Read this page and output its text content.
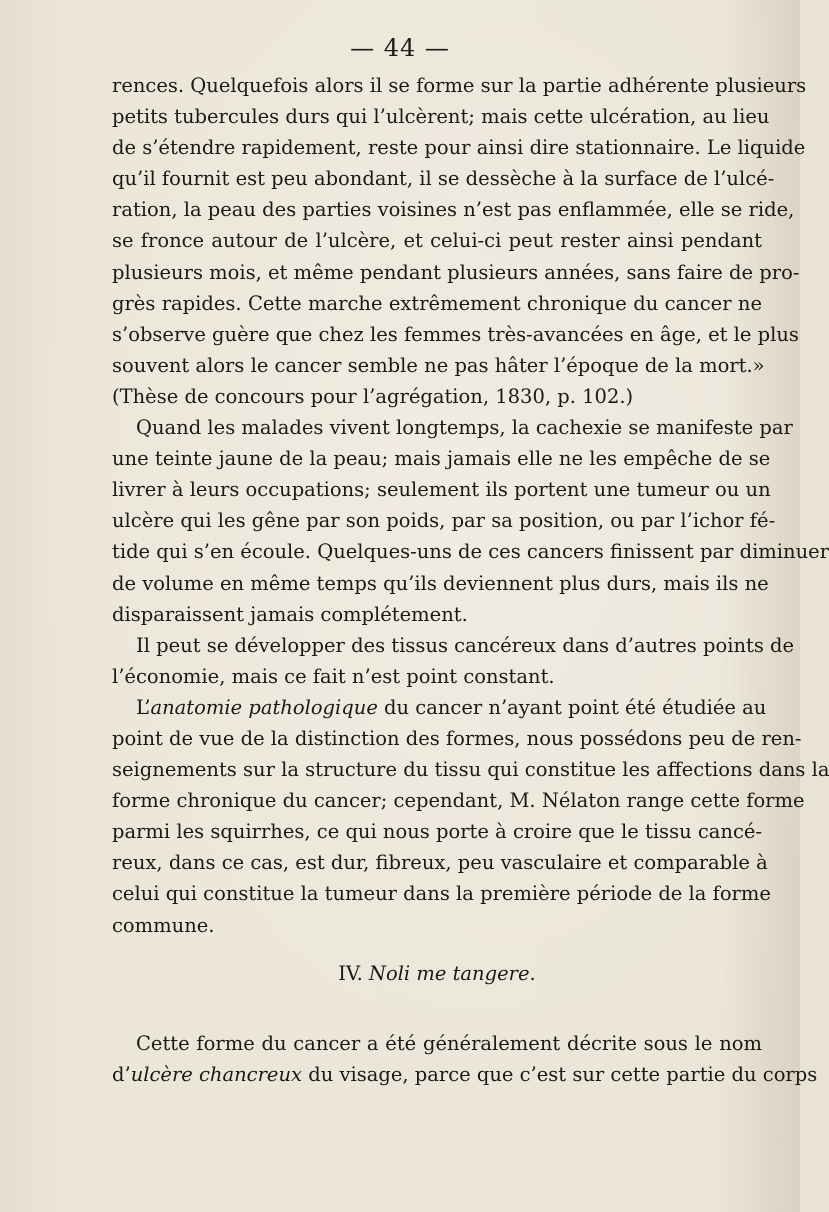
— 44 —
rences. Quelquefois alors il se forme sur la partie adhérente plusieurs
petits tubercules durs qui l’ulcèrent; mais cette ulcération, au lieu
de s’étendre rapidement, reste pour ainsi dire stationnaire. Le liquide
qu’il fournit est peu abondant, il se dessèche à la surface de l’ulcé-
ration, la peau des parties voisines n’est pas enflammée, elle se ride,
se fronce autour de l’ulcère, et celui-ci peut rester ainsi pendant
plusieurs mois, et même pendant plusieurs années, sans faire de pro-
grès rapides. Cette marche extrêmement chronique du cancer ne
s’observe guère que chez les femmes très-avancées en âge, et le plus
souvent alors le cancer semble ne pas hâter l’époque de la mort.»
(Thèse de concours pour l’agrégation, 1830, p. 102.)
Quand les malades vivent longtemps, la cachexie se manifeste par
une teinte jaune de la peau; mais jamais elle ne les empêche de se
livrer à leurs occupations; seulement ils portent une tumeur ou un
ulcère qui les gêne par son poids, par sa position, ou par l’ichor fé-
tide qui s’en écoule. Quelques-uns de ces cancers finissent par diminuer
de volume en même temps qu’ils deviennent plus durs, mais ils ne
disparaissent jamais complétement.
Il peut se développer des tissus cancéreux dans d’autres points de
l’économie, mais ce fait n’est point constant.
L’anatomie pathologique du cancer n’ayant point été étudiée au
point de vue de la distinction des formes, nous possédons peu de ren-
seignements sur la structure du tissu qui constitue les affections dans la
forme chronique du cancer; cependant, M. Nélaton range cette forme
parmi les squirrhes, ce qui nous porte à croire que le tissu cancé-
reux, dans ce cas, est dur, fibreux, peu vasculaire et comparable à
celui qui constitue la tumeur dans la première période de la forme
commune.
IV. Noli me tangere.
Cette forme du cancer a été généralement décrite sous le nom
d’ulcère chancreux du visage, parce que c’est sur cette partie du corps
